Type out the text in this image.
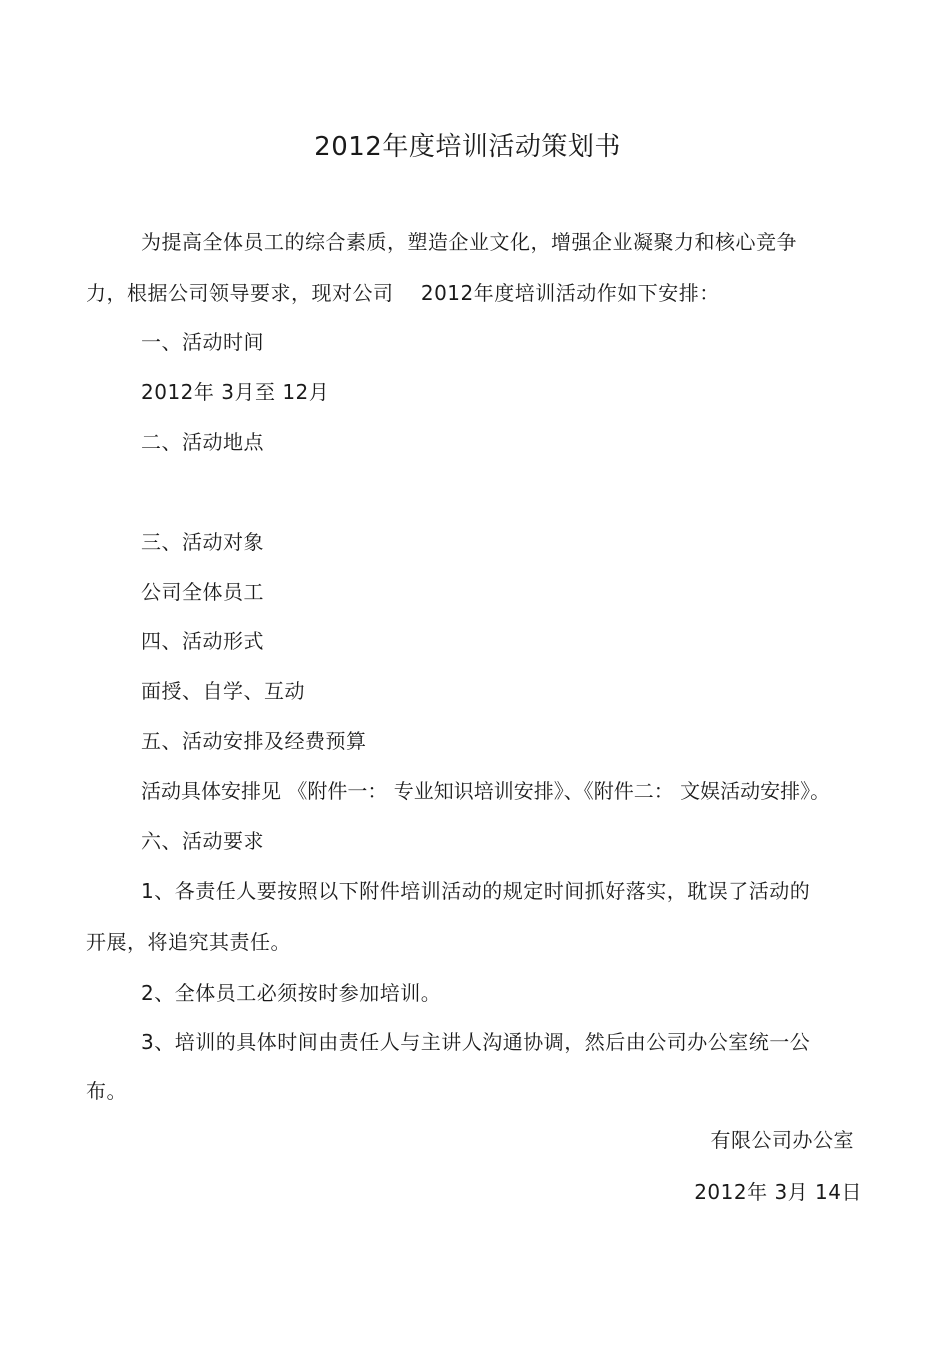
2012年度培训活动策划书
为提高全体员工的综合素质，塑造企业文化，增强企业凝聚力和核心竞争
力，根据公司领导要求，现对公司　 2012年度培训活动作如下安排：
一、活动时间
2012年 3月至 12月
二、活动地点
三、活动对象
公司全体员工
四、活动形式
面授、自学、互动
五、活动安排及经费预算
活动具体安排见 《附件一： 专业知识培训安排》、《附件二： 文娱活动安排》。
六、活动要求
1、各责任人要按照以下附件培训活动的规定时间抓好落实，耽误了活动的
开展，将追究其责任。
2、全体员工必须按时参加培训。
3、培训的具体时间由责任人与主讲人沟通协调，然后由公司办公室统一公
布。
有限公司办公室
2012年 3月 14日
